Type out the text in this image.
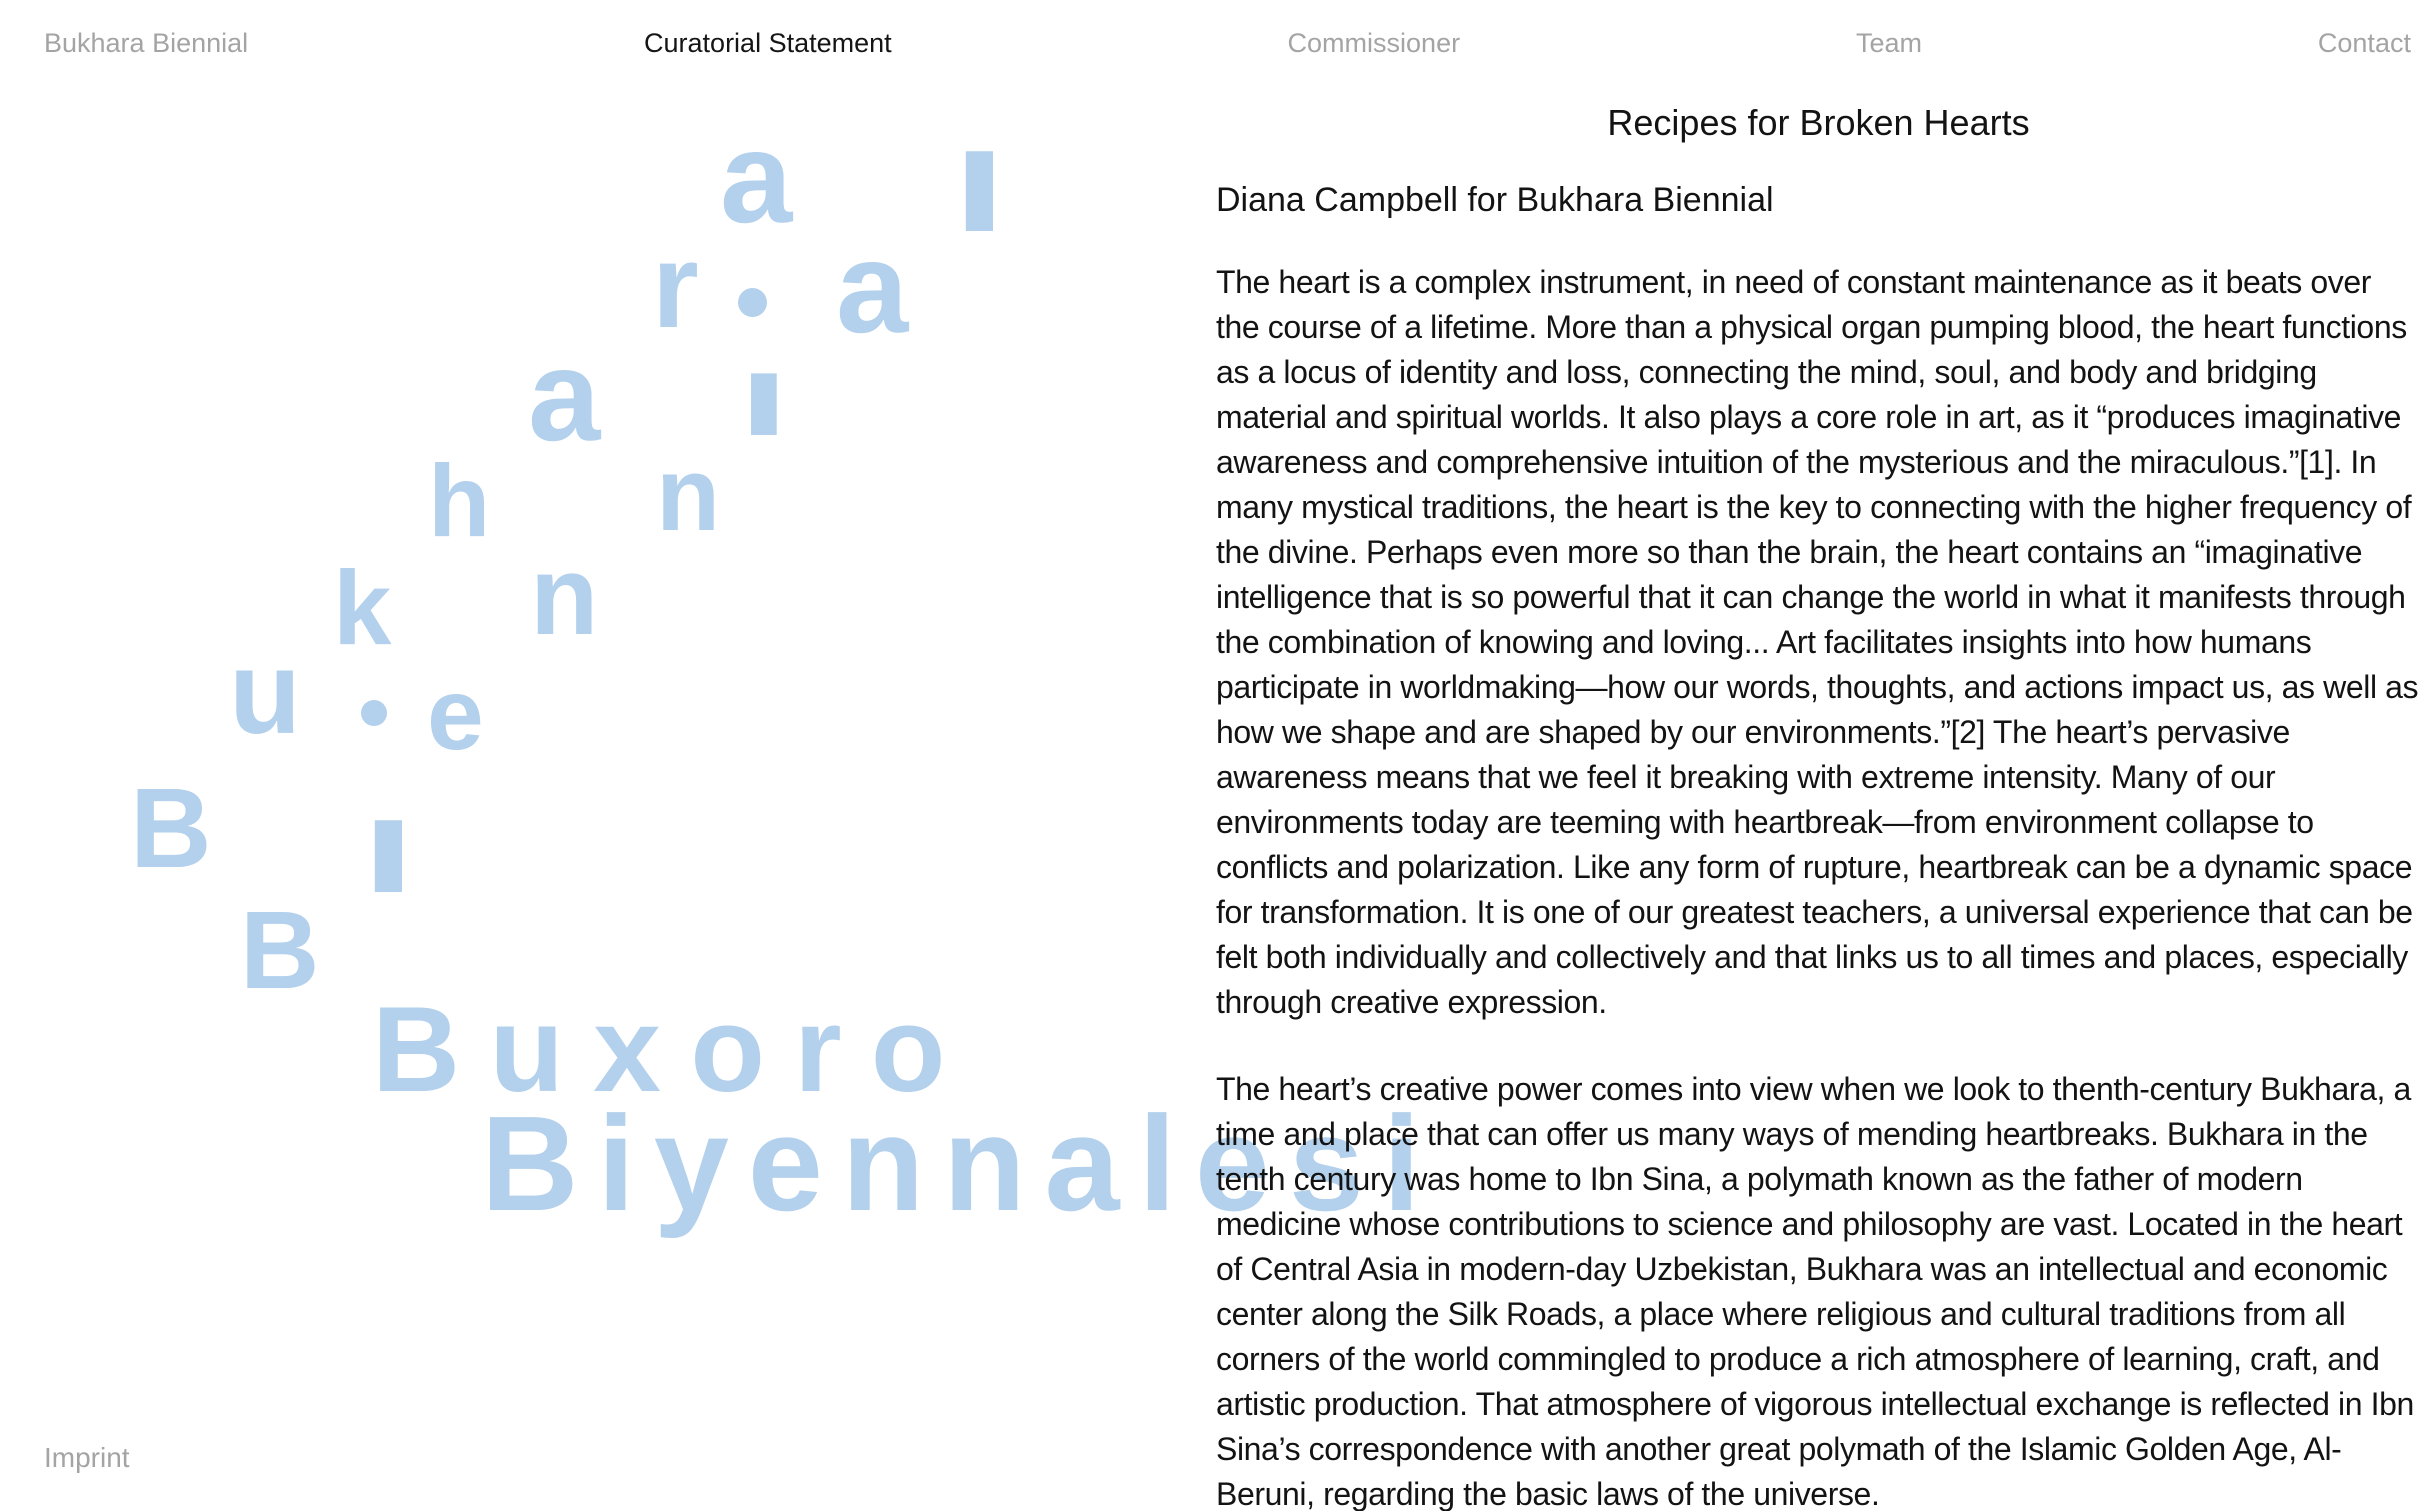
Bukhara Biennial	Curatorial Statement	Commissioner	Team	Contact
a l
r a
a l
h n
k n
u e
B l
B
Buxoro
Biyennalesi
Recipes for Broken Hearts

Diana Campbell for Bukhara Biennial

The heart is a complex instrument, in need of constant maintenance as it beats over the course of a lifetime. More than a physical organ pumping blood, the heart functions as a locus of identity and loss, connecting the mind, soul, and body and bridging material and spiritual worlds. It also plays a core role in art, as it “produces imaginative awareness and comprehensive intuition of the mysterious and the miraculous.”[1]. In many mystical traditions, the heart is the key to connecting with the higher frequency of the divine. Perhaps even more so than the brain, the heart contains an “imaginative intelligence that is so powerful that it can change the world in what it manifests through the combination of knowing and loving... Art facilitates insights into how humans participate in worldmaking—how our words, thoughts, and actions impact us, as well as how we shape and are shaped by our environments.”[2] The heart’s pervasive awareness means that we feel it breaking with extreme intensity. Many of our environments today are teeming with heartbreak—from environment collapse to conflicts and polarization. Like any form of rupture, heartbreak can be a dynamic space for transformation. It is one of our greatest teachers, a universal experience that can be felt both individually and collectively and that links us to all times and places, especially through creative expression.

The heart’s creative power comes into view when we look to thenth-century Bukhara, a time and place that can offer us many ways of mending heartbreaks. Bukhara in the tenth century was home to Ibn Sina, a polymath known as the father of modern medicine whose contributions to science and philosophy are vast. Located in the heart of Central Asia in modern-day Uzbekistan, Bukhara was an intellectual and economic center along the Silk Roads, a place where religious and cultural traditions from all corners of the world commingled to produce a rich atmosphere of learning, craft, and artistic production. That atmosphere of vigorous intellectual exchange is reflected in Ibn Sina’s correspondence with another great polymath of the Islamic Golden Age, Al-Beruni, regarding the basic laws of the universe.

Imprint
